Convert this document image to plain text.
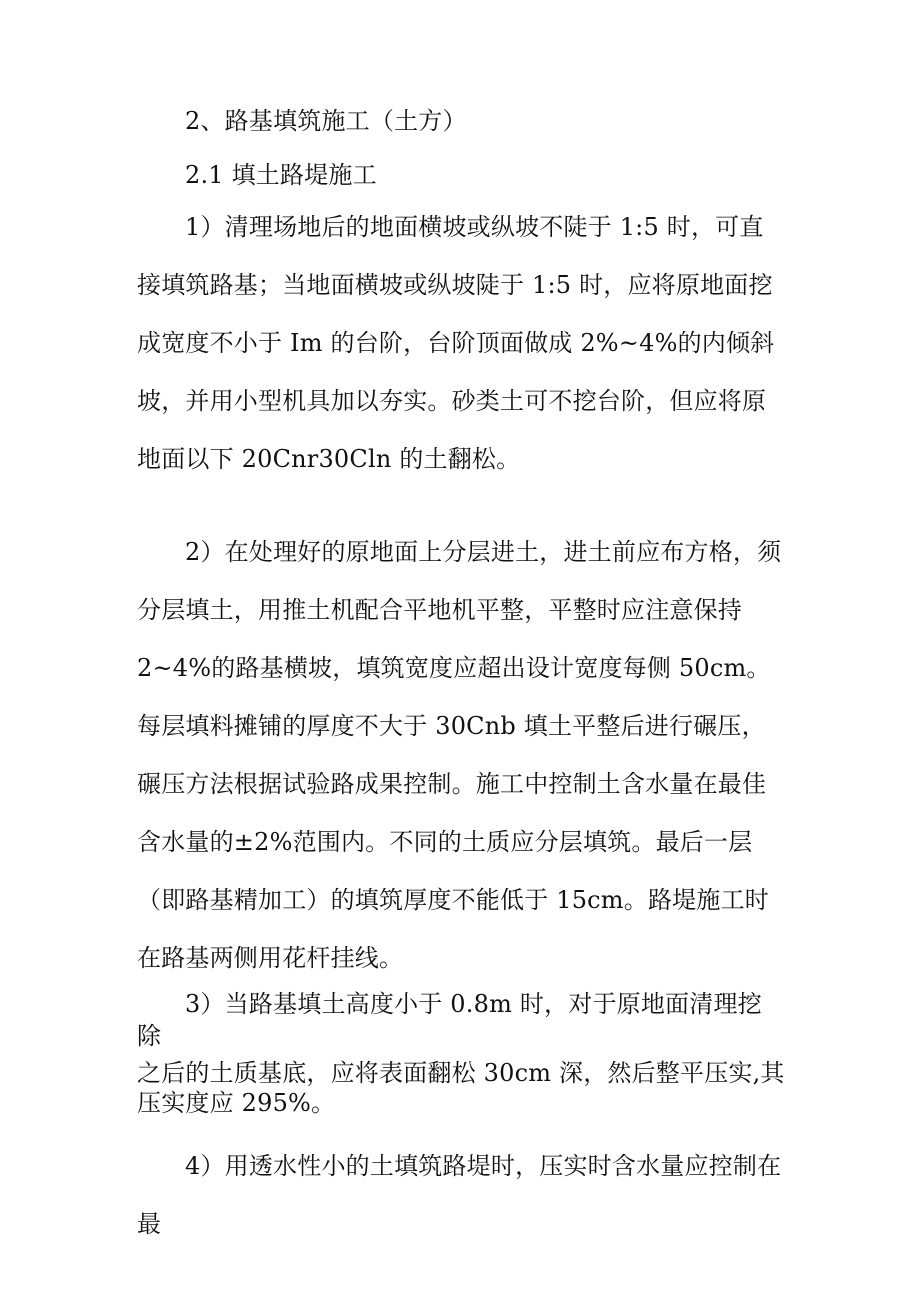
2、路基填筑施工（土方）
2.1 填土路堤施工
1）清理场地后的地面横坡或纵坡不陡于 1:5 时，可直接填筑路基；当地面横坡或纵坡陡于 1:5 时，应将原地面挖成宽度不小于 Im 的台阶，台阶顶面做成 2%~4%的内倾斜坡，并用小型机具加以夯实。砂类土可不挖台阶，但应将原地面以下 20Cnr30Cln 的土翻松。
2）在处理好的原地面上分层进土，进土前应布方格，须分层填土，用推土机配合平地机平整，平整时应注意保持 2~4%的路基横坡，填筑宽度应超出设计宽度每侧 50cm。每层填料摊铺的厚度不大于 30Cnb 填土平整后进行碾压，碾压方法根据试验路成果控制。施工中控制土含水量在最佳含水量的±2%范围内。不同的土质应分层填筑。最后一层（即路基精加工）的填筑厚度不能低于 15cm。路堤施工时在路基两侧用花杆挂线。
3）当路基填土高度小于 0.8m 时，对于原地面清理挖除
之后的土质基底，应将表面翻松 30cm 深，然后整平压实,其压实度应 295%。
4）用透水性小的土填筑路堤时，压实时含水量应控制在最
